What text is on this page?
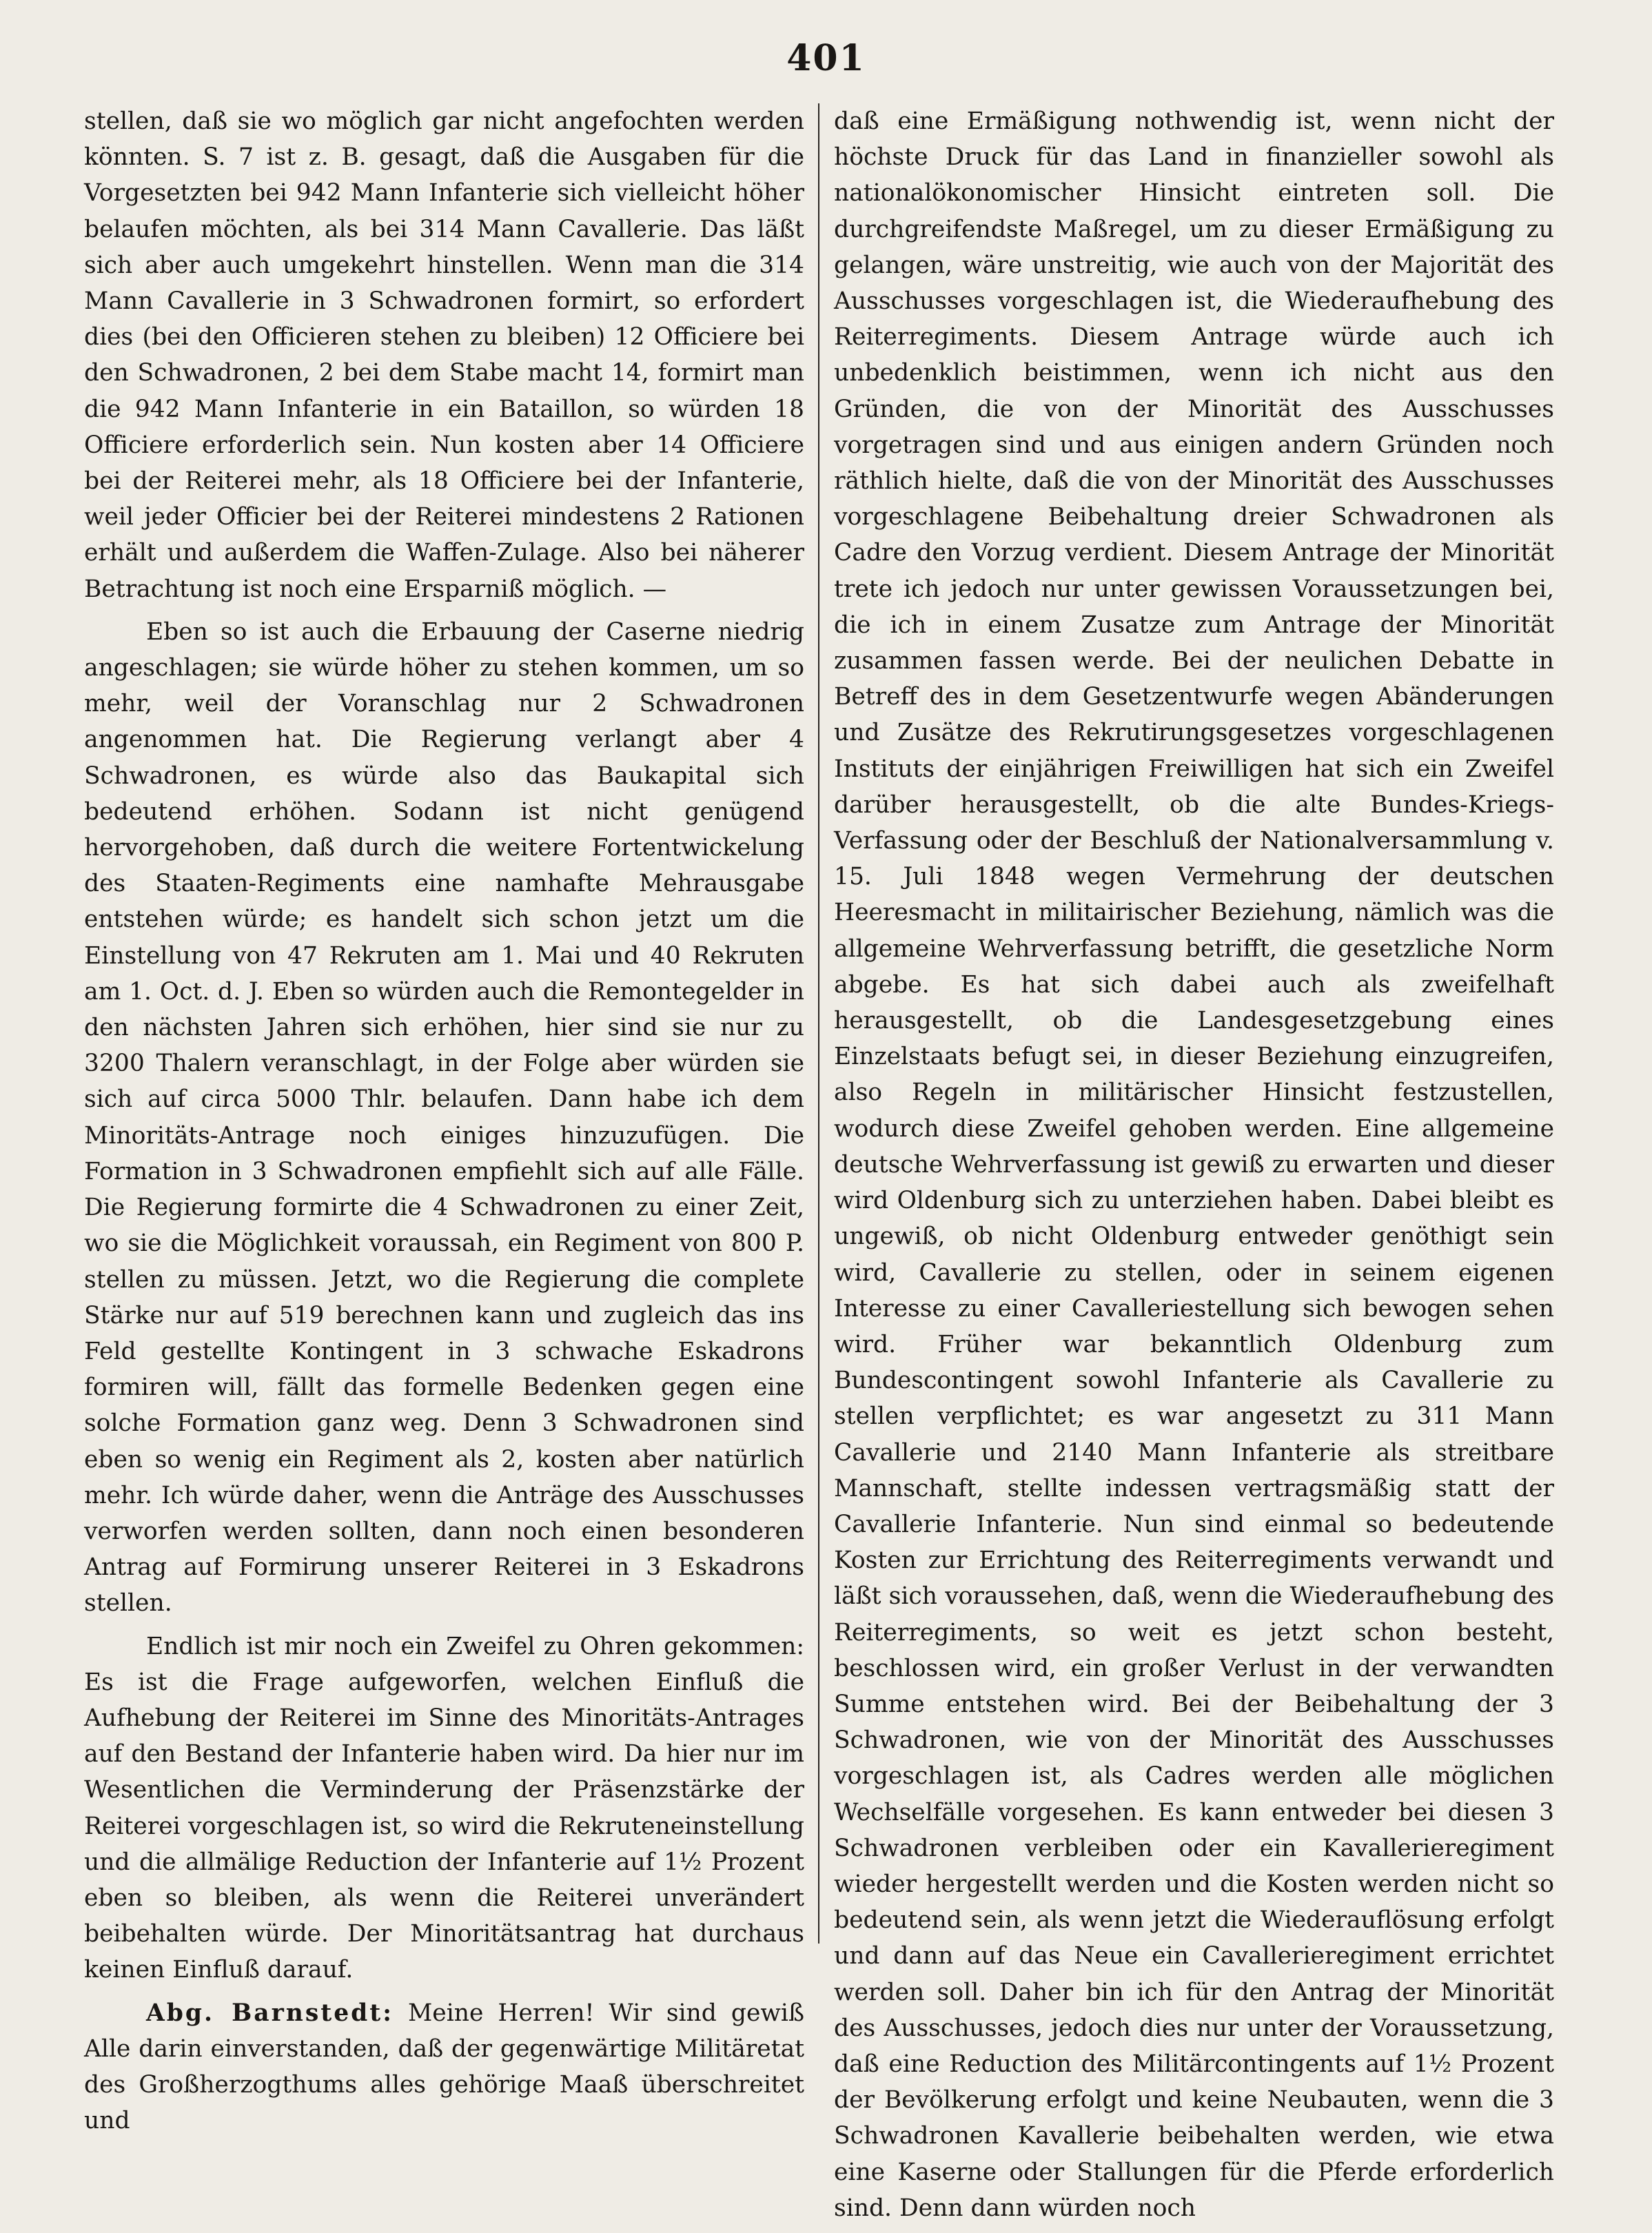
401

stellen, daß sie wo möglich gar nicht angefochten werden könnten. S. 7 ist z. B. gesagt, daß die Ausgaben für die Vorgesetzten bei 942 Mann Infanterie sich vielleicht höher belaufen möchten, als bei 314 Mann Cavallerie. Das läßt sich aber auch umgekehrt hinstellen. Wenn man die 314 Mann Cavallerie in 3 Schwadronen formirt, so erfordert dies (bei den Officieren stehen zu bleiben) 12 Officiere bei den Schwadronen, 2 bei dem Stabe macht 14, formirt man die 942 Mann Infanterie in ein Bataillon, so würden 18 Officiere erforderlich sein. Nun kosten aber 14 Officiere bei der Reiterei mehr, als 18 Officiere bei der Infanterie, weil jeder Officier bei der Reiterei mindestens 2 Rationen erhält und außerdem die Waffen-Zulage. Also bei näherer Betrachtung ist noch eine Ersparniß möglich. —

Eben so ist auch die Erbauung der Caserne niedrig angeschlagen; sie würde höher zu stehen kommen, um so mehr, weil der Voranschlag nur 2 Schwadronen angenommen hat. Die Regierung verlangt aber 4 Schwadronen, es würde also das Baukapital sich bedeutend erhöhen. Sodann ist nicht genügend hervorgehoben, daß durch die weitere Fortentwickelung des Staaten-Regiments eine namhafte Mehrausgabe entstehen würde; es handelt sich schon jetzt um die Einstellung von 47 Rekruten am 1. Mai und 40 Rekruten am 1. Oct. d. J. Eben so würden auch die Remontegelder in den nächsten Jahren sich erhöhen, hier sind sie nur zu 3200 Thalern veranschlagt, in der Folge aber würden sie sich auf circa 5000 Thlr. belaufen. Dann habe ich dem Minoritäts-Antrage noch einiges hinzuzufügen. Die Formation in 3 Schwadronen empfiehlt sich auf alle Fälle. Die Regierung formirte die 4 Schwadronen zu einer Zeit, wo sie die Möglichkeit voraussah, ein Regiment von 800 P. stellen zu müssen. Jetzt, wo die Regierung die complete Stärke nur auf 519 berechnen kann und zugleich das ins Feld gestellte Kontingent in 3 schwache Eskadrons formiren will, fällt das formelle Bedenken gegen eine solche Formation ganz weg. Denn 3 Schwadronen sind eben so wenig ein Regiment als 2, kosten aber natürlich mehr. Ich würde daher, wenn die Anträge des Ausschusses verworfen werden sollten, dann noch einen besonderen Antrag auf Formirung unserer Reiterei in 3 Eskadrons stellen.

Endlich ist mir noch ein Zweifel zu Ohren gekommen: Es ist die Frage aufgeworfen, welchen Einfluß die Aufhebung der Reiterei im Sinne des Minoritäts-Antrages auf den Bestand der Infanterie haben wird. Da hier nur im Wesentlichen die Verminderung der Präsenzstärke der Reiterei vorgeschlagen ist, so wird die Rekruteneinstellung und die allmälige Reduction der Infanterie auf 1½ Prozent eben so bleiben, als wenn die Reiterei unverändert beibehalten würde. Der Minoritätsantrag hat durchaus keinen Einfluß darauf.

Abg. Barnstedt: Meine Herren! Wir sind gewiß Alle darin einverstanden, daß der gegenwärtige Militäretat des Großherzogthums alles gehörige Maaß überschreitet und

daß eine Ermäßigung nothwendig ist, wenn nicht der höchste Druck für das Land in finanzieller sowohl als nationalökonomischer Hinsicht eintreten soll. Die durchgreifendste Maßregel, um zu dieser Ermäßigung zu gelangen, wäre unstreitig, wie auch von der Majorität des Ausschusses vorgeschlagen ist, die Wiederaufhebung des Reiterregiments. Diesem Antrage würde auch ich unbedenklich beistimmen, wenn ich nicht aus den Gründen, die von der Minorität des Ausschusses vorgetragen sind und aus einigen andern Gründen noch räthlich hielte, daß die von der Minorität des Ausschusses vorgeschlagene Beibehaltung dreier Schwadronen als Cadre den Vorzug verdient. Diesem Antrage der Minorität trete ich jedoch nur unter gewissen Voraussetzungen bei, die ich in einem Zusatze zum Antrage der Minorität zusammen fassen werde. Bei der neulichen Debatte in Betreff des in dem Gesetzentwurfe wegen Abänderungen und Zusätze des Rekrutirungsgesetzes vorgeschlagenen Instituts der einjährigen Freiwilligen hat sich ein Zweifel darüber herausgestellt, ob die alte Bundes-Kriegs-Verfassung oder der Beschluß der Nationalversammlung v. 15. Juli 1848 wegen Vermehrung der deutschen Heeresmacht in militairischer Beziehung, nämlich was die allgemeine Wehrverfassung betrifft, die gesetzliche Norm abgebe. Es hat sich dabei auch als zweifelhaft herausgestellt, ob die Landesgesetzgebung eines Einzelstaats befugt sei, in dieser Beziehung einzugreifen, also Regeln in militärischer Hinsicht festzustellen, wodurch diese Zweifel gehoben werden. Eine allgemeine deutsche Wehrverfassung ist gewiß zu erwarten und dieser wird Oldenburg sich zu unterziehen haben. Dabei bleibt es ungewiß, ob nicht Oldenburg entweder genöthigt sein wird, Cavallerie zu stellen, oder in seinem eigenen Interesse zu einer Cavalleriestellung sich bewogen sehen wird. Früher war bekanntlich Oldenburg zum Bundescontingent sowohl Infanterie als Cavallerie zu stellen verpflichtet; es war angesetzt zu 311 Mann Cavallerie und 2140 Mann Infanterie als streitbare Mannschaft, stellte indessen vertragsmäßig statt der Cavallerie Infanterie. Nun sind einmal so bedeutende Kosten zur Errichtung des Reiterregiments verwandt und läßt sich voraussehen, daß, wenn die Wiederaufhebung des Reiterregiments, so weit es jetzt schon besteht, beschlossen wird, ein großer Verlust in der verwandten Summe entstehen wird. Bei der Beibehaltung der 3 Schwadronen, wie von der Minorität des Ausschusses vorgeschlagen ist, als Cadres werden alle möglichen Wechselfälle vorgesehen. Es kann entweder bei diesen 3 Schwadronen verbleiben oder ein Kavallerieregiment wieder hergestellt werden und die Kosten werden nicht so bedeutend sein, als wenn jetzt die Wiederauflösung erfolgt und dann auf das Neue ein Cavallerieregiment errichtet werden soll. Daher bin ich für den Antrag der Minorität des Ausschusses, jedoch dies nur unter der Voraussetzung, daß eine Reduction des Militärcontingents auf 1½ Prozent der Bevölkerung erfolgt und keine Neubauten, wenn die 3 Schwadronen Kavallerie beibehalten werden, wie etwa eine Kaserne oder Stallungen für die Pferde erforderlich sind. Denn dann würden noch
